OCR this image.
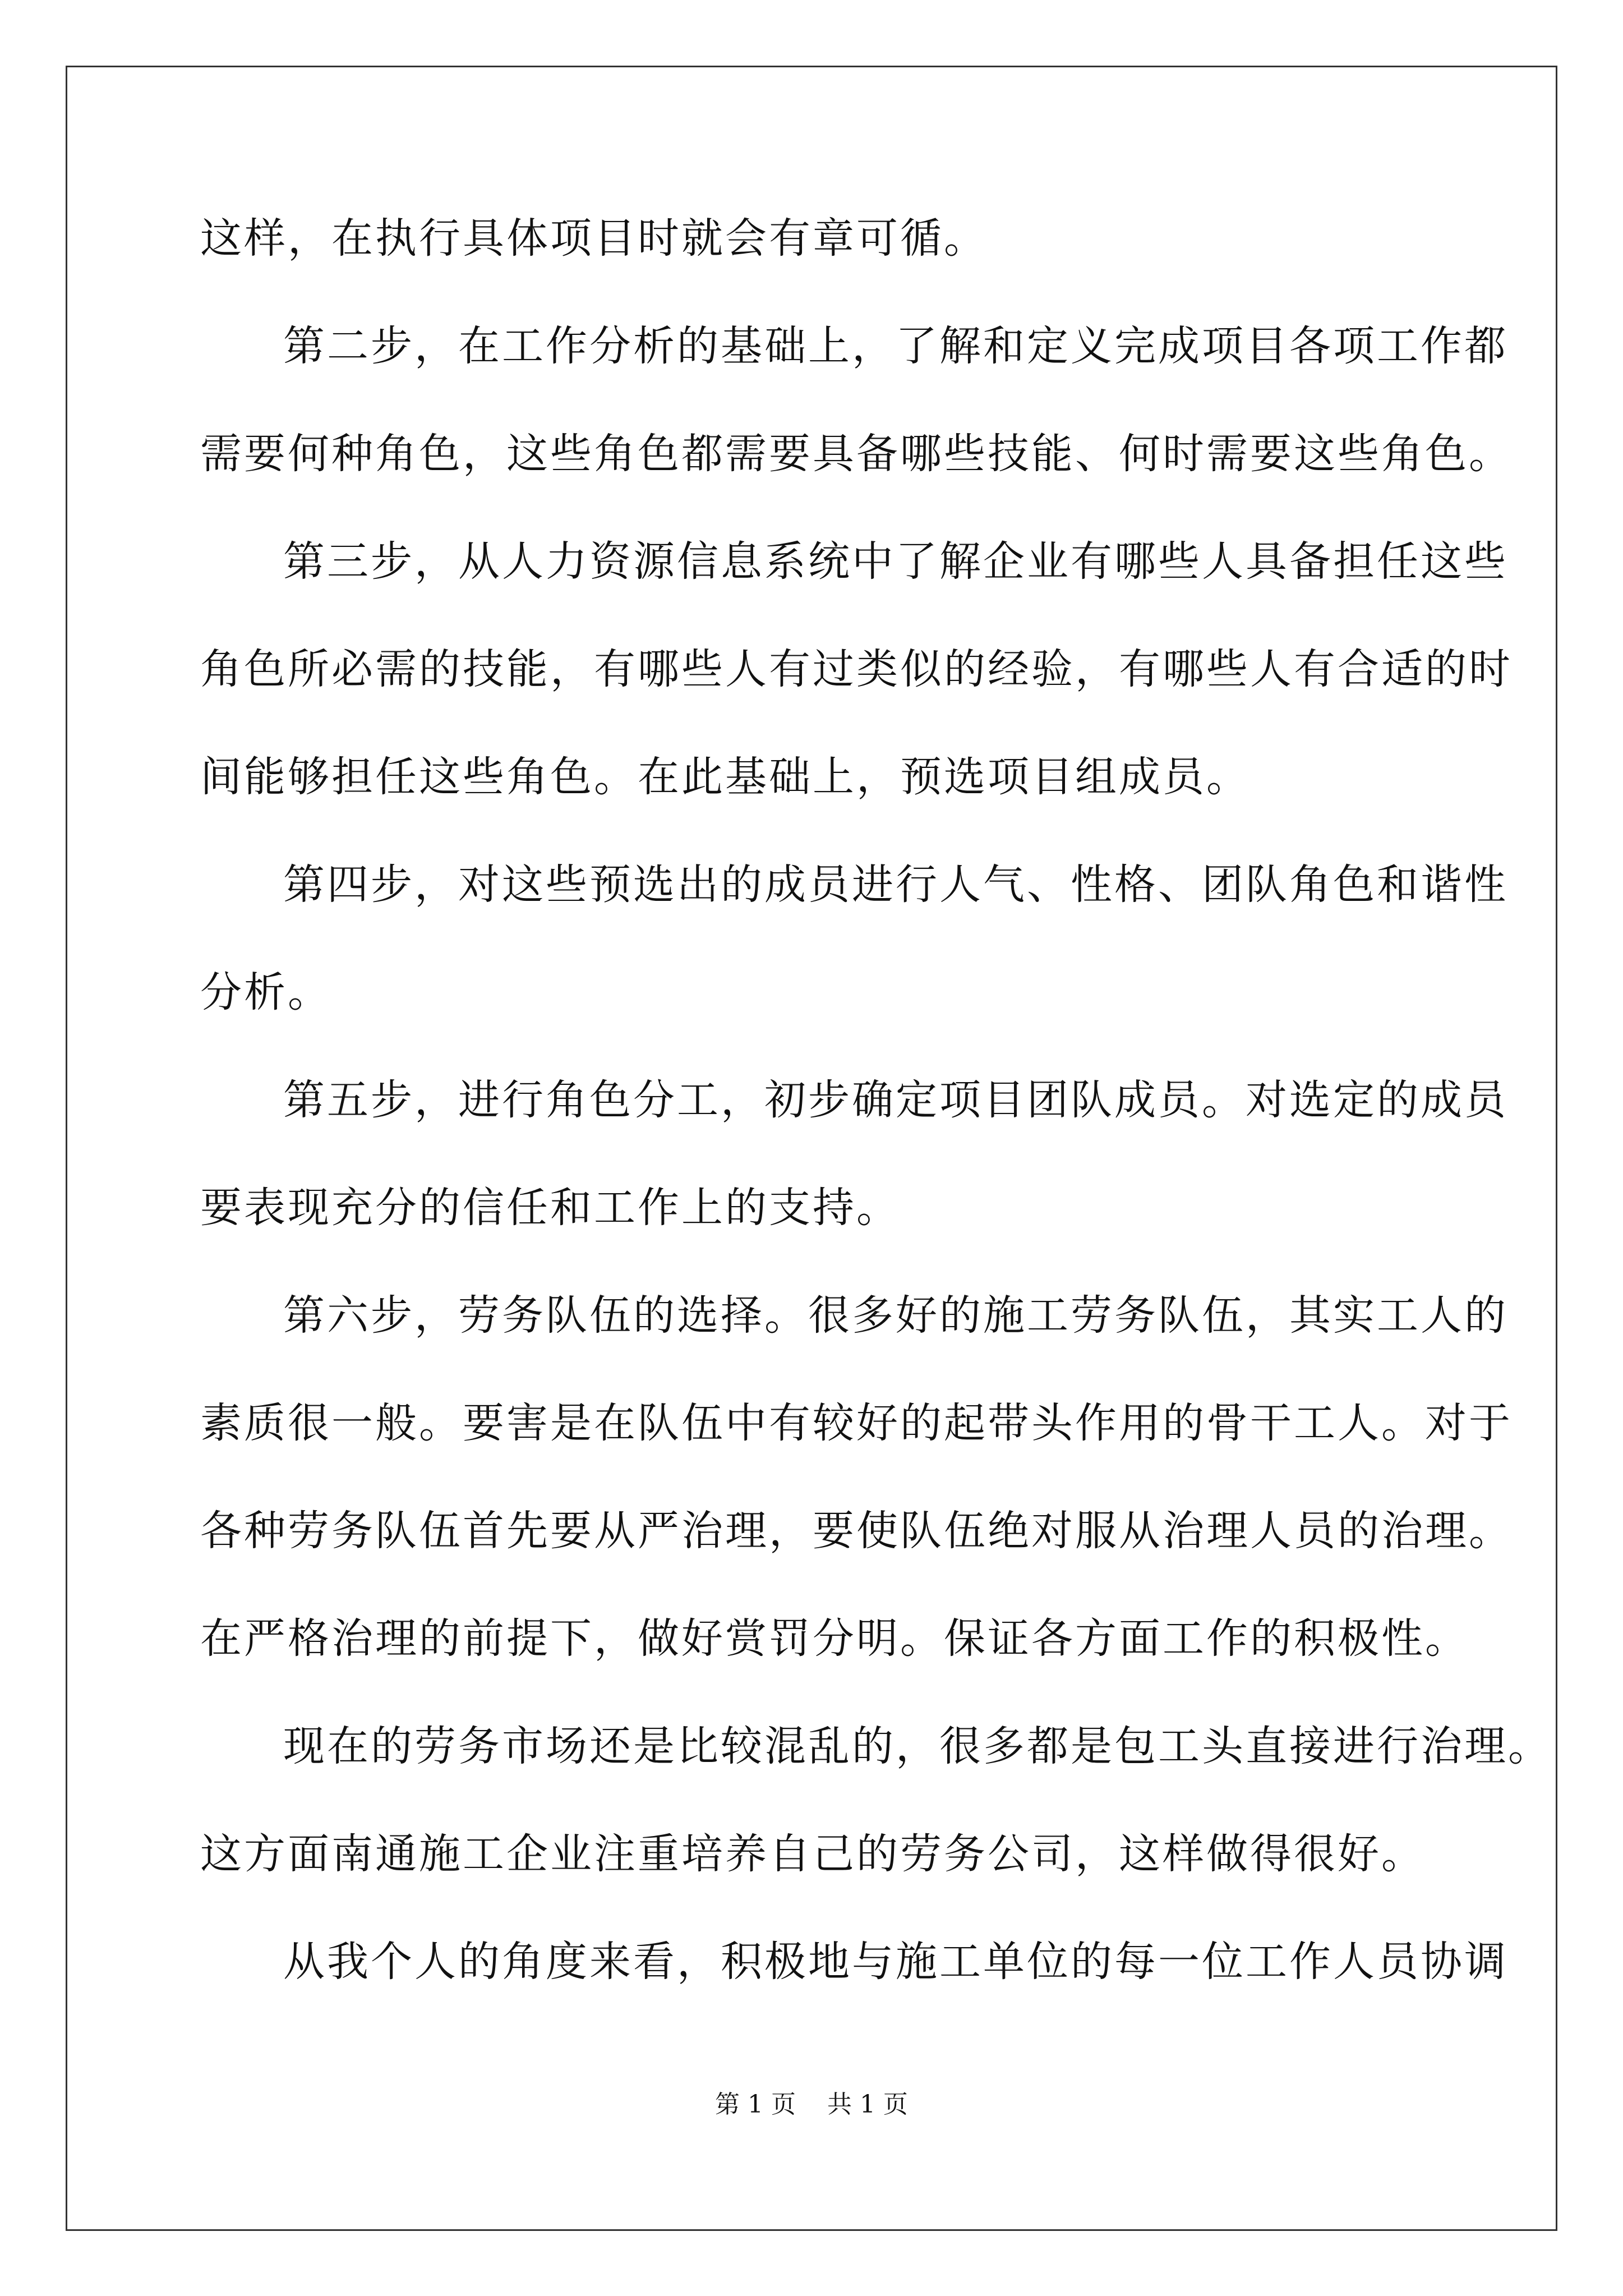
这样，在执行具体项目时就会有章可循。
第二步，在工作分析的基础上，了解和定义完成项目各项工作都
需要何种角色，这些角色都需要具备哪些技能、何时需要这些角色。
第三步，从人力资源信息系统中了解企业有哪些人具备担任这些
角色所必需的技能，有哪些人有过类似的经验，有哪些人有合适的时
间能够担任这些角色。在此基础上，预选项目组成员。
第四步，对这些预选出的成员进行人气、性格、团队角色和谐性
分析。
第五步，进行角色分工，初步确定项目团队成员。对选定的成员
要表现充分的信任和工作上的支持。
第六步，劳务队伍的选择。很多好的施工劳务队伍，其实工人的
素质很一般。要害是在队伍中有较好的起带头作用的骨干工人。对于
各种劳务队伍首先要从严治理，要使队伍绝对服从治理人员的治理。
在严格治理的前提下，做好赏罚分明。保证各方面工作的积极性。
现在的劳务市场还是比较混乱的，很多都是包工头直接进行治理。
这方面南通施工企业注重培养自己的劳务公司，这样做得很好。
从我个人的角度来看，积极地与施工单位的每一位工作人员协调
第 1 页    共 1 页
